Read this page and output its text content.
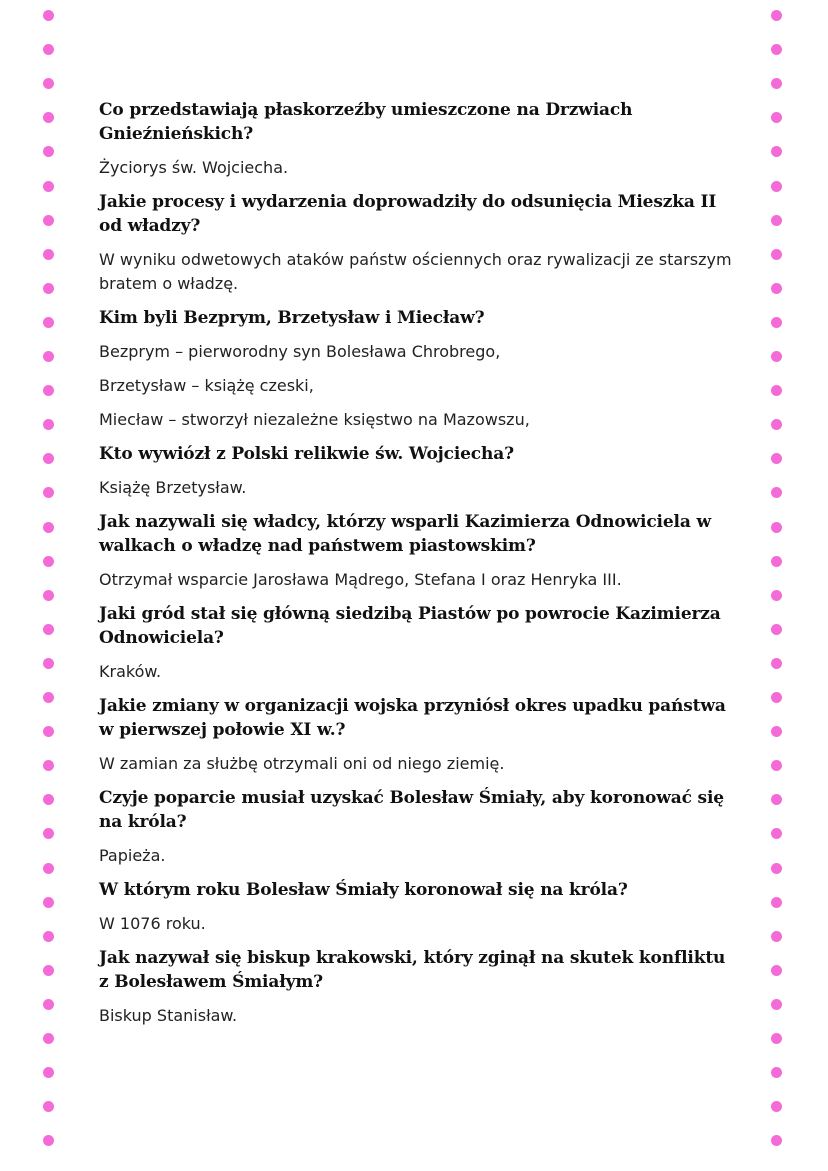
Co przedstawiają płaskorzeźby umieszczone na Drzwiach Gnieźnieńskich?

Życiorys św. Wojciecha.

Jakie procesy i wydarzenia doprowadziły do odsunięcia Mieszka II od władzy?

W wyniku odwetowych ataków państw ościennych oraz rywalizacji ze starszym bratem o władzę.

Kim byli Bezprym, Brzetysław i Miecław?

Bezprym – pierworodny syn Bolesława Chrobrego,

Brzetysław – książę czeski,

Miecław – stworzył niezależne księstwo na Mazowszu,

Kto wywiózł z Polski relikwie św. Wojciecha?

Książę Brzetysław.

Jak nazywali się władcy, którzy wsparli Kazimierza Odnowiciela w walkach o władzę nad państwem piastowskim?

Otrzymał wsparcie Jarosława Mądrego, Stefana I oraz Henryka III.

Jaki gród stał się główną siedzibą Piastów po powrocie Kazimierza Odnowiciela?

Kraków.

Jakie zmiany w organizacji wojska przyniósł okres upadku państwa w pierwszej połowie XI w.?

W zamian za służbę otrzymali oni od niego ziemię.

Czyje poparcie musiał uzyskać Bolesław Śmiały, aby koronować się na króla?

Papieża.

W którym roku Bolesław Śmiały koronował się na króla?

W 1076 roku.

Jak nazywał się biskup krakowski, który zginął na skutek konfliktu z Bolesławem Śmiałym?

Biskup Stanisław.
